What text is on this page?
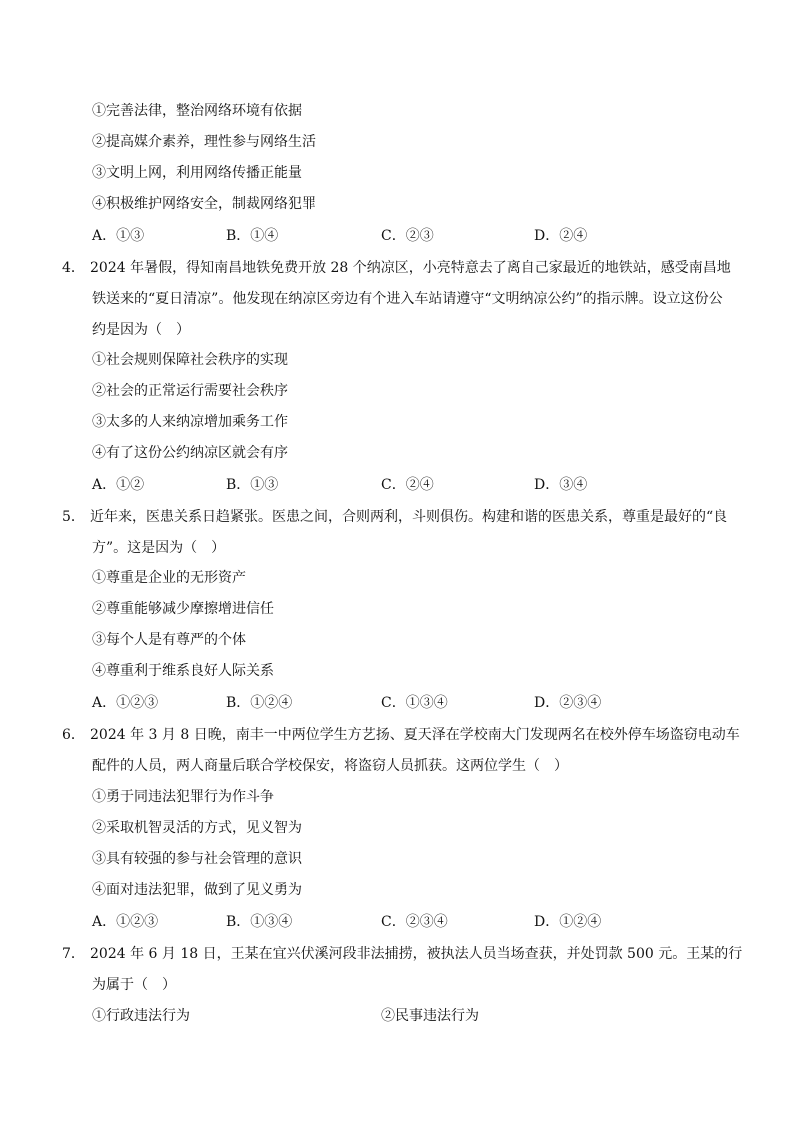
①完善法律，整治网络环境有依据
②提高媒介素养，理性参与网络生活
③文明上网，利用网络传播正能量
④积极维护网络安全，制裁网络犯罪
A．①③	B．①④	C．②③	D．②④
4． 2024 年暑假，得知南昌地铁免费开放 28 个纳凉区，小亮特意去了离自己家最近的地铁站，感受南昌地
铁送来的“夏日清凉”。他发现在纳凉区旁边有个进入车站请遵守“文明纳凉公约”的指示牌。设立这份公
约是因为（　）
①社会规则保障社会秩序的实现
②社会的正常运行需要社会秩序
③太多的人来纳凉增加乘务工作
④有了这份公约纳凉区就会有序
A．①②	B．①③	C．②④	D．③④
5． 近年来，医患关系日趋紧张。医患之间，合则两利，斗则俱伤。构建和谐的医患关系，尊重是最好的“良
方”。这是因为（　）
①尊重是企业的无形资产
②尊重能够减少摩擦增进信任
③每个人是有尊严的个体
④尊重利于维系良好人际关系
A．①②③	B．①②④	C．①③④	D．②③④
6． 2024 年 3 月 8 日晚，南丰一中两位学生方艺扬、夏天泽在学校南大门发现两名在校外停车场盗窃电动车
配件的人员，两人商量后联合学校保安，将盗窃人员抓获。这两位学生（　）
①勇于同违法犯罪行为作斗争
②采取机智灵活的方式，见义智为
③具有较强的参与社会管理的意识
④面对违法犯罪，做到了见义勇为
A．①②③	B．①③④	C．②③④	D．①②④
7． 2024 年 6 月 18 日，王某在宜兴伏溪河段非法捕捞，被执法人员当场查获，并处罚款 500 元。王某的行
为属于（　）
①行政违法行为	②民事违法行为
